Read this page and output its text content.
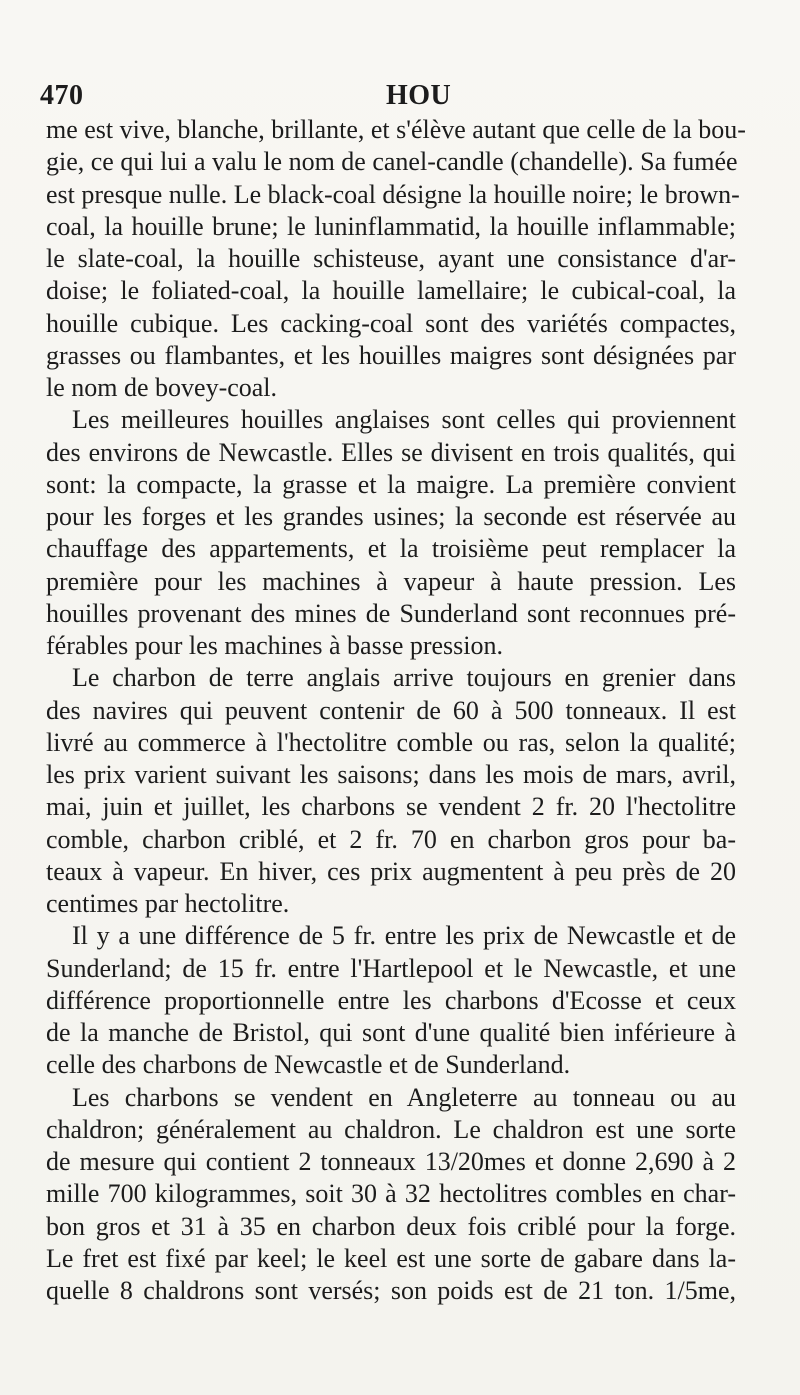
470	HOU
me est vive, blanche, brillante, et s'élève autant que celle de la bou-
gie, ce qui lui a valu le nom de canel-candle (chandelle). Sa fumée
est presque nulle. Le black-coal désigne la houille noire; le brown-
coal, la houille brune; le luninflammatid, la houille inflammable;
le slate-coal, la houille schisteuse, ayant une consistance d'ar-
doise; le foliated-coal, la houille lamellaire; le cubical-coal, la
houille cubique. Les cacking-coal sont des variétés compactes,
grasses ou flambantes, et les houilles maigres sont désignées par
le nom de bovey-coal.
Les meilleures houilles anglaises sont celles qui proviennent
des environs de Newcastle. Elles se divisent en trois qualités, qui
sont: la compacte, la grasse et la maigre. La première convient
pour les forges et les grandes usines; la seconde est réservée au
chauffage des appartements, et la troisième peut remplacer la
première pour les machines à vapeur à haute pression. Les
houilles provenant des mines de Sunderland sont reconnues pré-
férables pour les machines à basse pression.
Le charbon de terre anglais arrive toujours en grenier dans
des navires qui peuvent contenir de 60 à 500 tonneaux. Il est
livré au commerce à l'hectolitre comble ou ras, selon la qualité;
les prix varient suivant les saisons; dans les mois de mars, avril,
mai, juin et juillet, les charbons se vendent 2 fr. 20 l'hectolitre
comble, charbon criblé, et 2 fr. 70 en charbon gros pour ba-
teaux à vapeur. En hiver, ces prix augmentent à peu près de 20
centimes par hectolitre.
Il y a une différence de 5 fr. entre les prix de Newcastle et de
Sunderland; de 15 fr. entre l'Hartlepool et le Newcastle, et une
différence proportionnelle entre les charbons d'Ecosse et ceux
de la manche de Bristol, qui sont d'une qualité bien inférieure à
celle des charbons de Newcastle et de Sunderland.
Les charbons se vendent en Angleterre au tonneau ou au
chaldron; généralement au chaldron. Le chaldron est une sorte
de mesure qui contient 2 tonneaux 13/20mes et donne 2,690 à 2
mille 700 kilogrammes, soit 30 à 32 hectolitres combles en char-
bon gros et 31 à 35 en charbon deux fois criblé pour la forge.
Le fret est fixé par keel; le keel est une sorte de gabare dans la-
quelle 8 chaldrons sont versés; son poids est de 21 ton. 1/5me,
